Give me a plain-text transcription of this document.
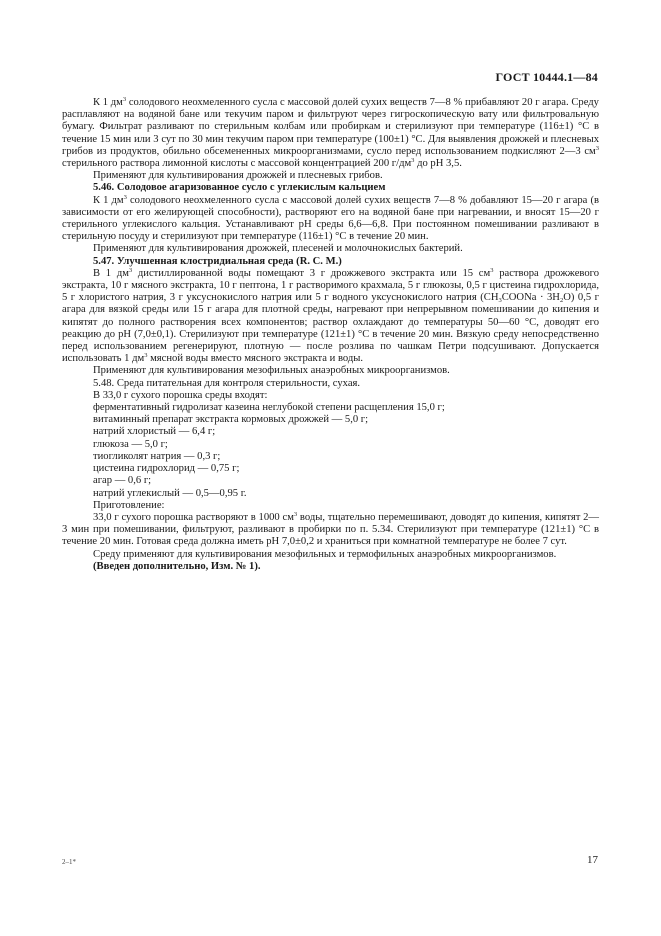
ГОСТ 10444.1—84

К 1 $дм^3$ солодового неохмеленного сусла с массовой долей сухих веществ 7—8 % прибавляют 20 г агара. Среду расплавляют на водяной бане или текучим паром и фильтруют через гигроскопическую вату или фильтровальную бумагу. Фильтрат разливают по стерильным колбам или пробиркам и стерилизуют при температуре (116±1) °С в течение 15 мин или 3 сут по 30 мин текучим паром при температуре (100±1) °С. Для выявления дрожжей и плесневых грибов из продуктов, обильно обсемененных микроорганизмами, сусло перед использованием подкисляют 2—3 $см^3$ стерильного раствора лимонной кислоты с массовой концентрацией 200 $г/дм^3$ до рН 3,5.

Применяют для культивирования дрожжей и плесневых грибов.

5.46. Солодовое агаризованное сусло с углекислым кальцием

К 1 $дм^3$ солодового неохмеленного сусла с массовой долей сухих веществ 7—8 % добавляют 15—20 г агара (в зависимости от его желирующей способности), растворяют его на водяной бане при нагревании, и вносят 15—20 г стерильного углекислого кальция. Устанавливают рН среды 6,6—6,8. При постоянном помешивании разливают в стерильную посуду и стерилизуют при температуре (116±1) °С в течение 20 мин.

Применяют для культивирования дрожжей, плесеней и молочнокислых бактерий.

5.47. Улучшенная клостридиальная среда (R. С. М.)

В 1 $дм^3$ дистиллированной воды помещают 3 г дрожжевого экстракта или 15 $см^3$ раствора дрожжевого экстракта, 10 г мясного экстракта, 10 г пептона, 1 г растворимого крахмала, 5 г глюкозы, 0,5 г цистеина гидрохлорида, 5 г хлористого натрия, 3 г уксуснокислого натрия или 5 г водного уксуснокислого натрия $(CH_3COONa \cdot 3H_2O)$ 0,5 г агара для вязкой среды или 15 г агара для плотной среды, нагревают при непрерывном помешивании до кипения и кипятят до полного растворения всех компонентов; раствор охлаждают до температуры 50—60 °С, доводят его реакцию до рН (7,0±0,1). Стерилизуют при температуре (121±1) °С в течение 20 мин. Вязкую среду непосредственно перед использованием регенерируют, плотную — после розлива по чашкам Петри подсушивают. Допускается использовать 1 $дм^3$ мясной воды вместо мясного экстракта и воды.

Применяют для культивирования мезофильных анаэробных микроорганизмов.

5.48. Среда питательная для контроля стерильности, сухая.

В 33,0 г сухого порошка среды входят:

ферментативный гидролизат казеина неглубокой степени расщепления 15,0 г;

витаминный препарат экстракта кормовых дрожжей — 5,0 г;

натрий хлористый — 6,4 г;

глюкоза — 5,0 г;

тиогликолят натрия — 0,3 г;

цистеина гидрохлорид — 0,75 г;

агар — 0,6 г;

натрий углекислый — 0,5—0,95 г.

Приготовление:

33,0 г сухого порошка растворяют в 1000 $см^3$ воды, тщательно перемешивают, доводят до кипения, кипятят 2—3 мин при помешивании, фильтруют, разливают в пробирки по п. 5.34. Стерилизуют при температуре (121±1) °С в течение 20 мин. Готовая среда должна иметь рН 7,0±0,2 и храниться при комнатной температуре не более 7 сут.

Среду применяют для культивирования мезофильных и термофильных анаэробных микроорганизмов.

(Введен дополнительно, Изм. № 1).

2–1*	17
